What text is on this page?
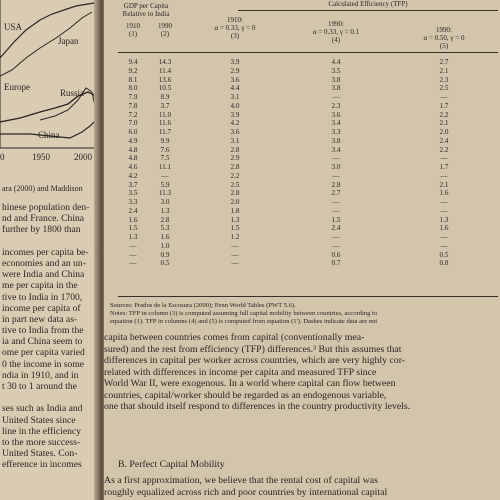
USA
Japan
Europe
Russia
China
0	1950	2000
ara (2000) and Maddison
hinese population den-
nd and France. China
further by 1800 than
incomes per capita be-
economies and an un-
were India and China
me per capita in the
tive to India in 1700,
income per capita of
in part new data as-
tive to India from the
ia and China seem to
ome per capita varied
0 the income in some
ndia in 1910, and in
t 30 to 1 around the
ses such as India and
United States since
line in the efficiency
to the more success-
United States. Con-
efference in incomes
GDP per Capita Relative to India
Calculated Efficiency (TFP)
1910
(1)
1990
(2)
1910:
α = 0.33, γ = 0
(3)
1990:
α = 0.33, γ = 0.1
(4)
1990:
α = 0.50, γ = 0
(5)
9.4
9.2
8.1
8.0
7.9
7.8
7.2
7.0
6.0
4.9
4.8
4.8
4.6
4.2
3.7
3.5
3.3
2.4
1.6
1.5
1.3
—
—
—
14.3
11.4
13.6
10.5
8.9
3.7
11.0
11.6
11.7
9.9
7.6
7.5
11.1
—
5.9
11.3
3.0
1.3
2.8
5.3
1.6
1.0
0.9
0.5
3.9
2.9
3.6
4.4
3.1
4.0
3.9
4.2
3.6
3.1
2.8
2.9
2.8
2.2
2.5
2.8
2.0
1.8
1.3
1.5
1.2
—
—
—
4.4
3.5
3.8
3.8
—
2.3
3.6
3.4
3.3
3.8
3.4
—
3.0
—
2.8
2.7
—
—
1.5
2.4
—
—
0.6
0.7
2.7
2.1
2.3
2.5
—
1.7
2.2
2.1
2.0
2.4
2.2
—
1.7
—
2.1
1.6
—
—
1.3
1.6
—
—
0.5
0.8
Sources: Prados de la Escosura (2000); Penn World Tables (PWT 5.6).
Notes: TFP in column (3) is computed assuming full capital mobility between countries, according to
equation (1). TFP in columns (4) and (5) is computed from equation (1'). Dashes indicate data are not
capita between countries comes from capital (conventionally mea-
sured) and the rest from efficiency (TFP) differences.³ But this assumes that
differences in capital per worker across countries, which are very highly cor-
related with differences in income per capita and measured TFP since
World War II, were exogenous. In a world where capital can flow between
countries, capital/worker should be regarded as an endogenous variable,
one that should itself respond to differences in the country productivity levels.
B. Perfect Capital Mobility
As a first approximation, we believe that the rental cost of capital was
roughly equalized across rich and poor countries by international capital
